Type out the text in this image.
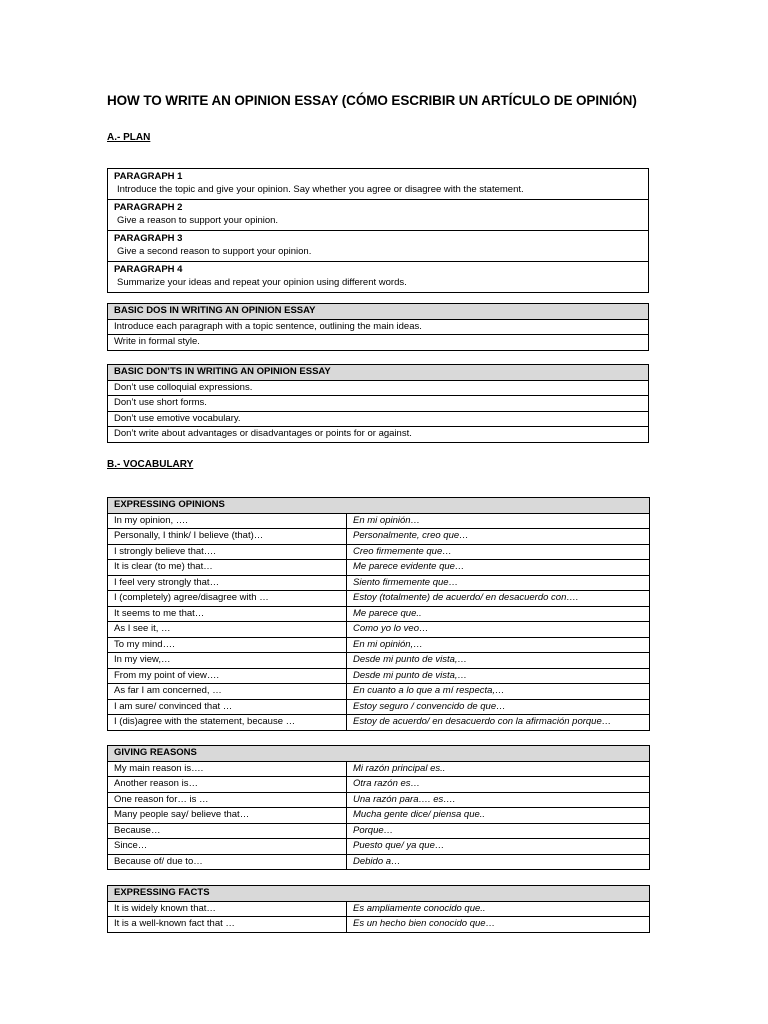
HOW TO WRITE AN OPINION ESSAY (CÓMO ESCRIBIR UN ARTÍCULO DE OPINIÓN)
A.- PLAN
PARAGRAPH 1
Introduce the topic and give your opinion. Say whether you agree or disagree with the statement.

PARAGRAPH 2
Give a reason to support your opinion.

PARAGRAPH 3
Give a second reason to support your opinion.

PARAGRAPH 4
Summarize your ideas and repeat your opinion using different words.
BASIC DOS IN WRITING AN OPINION ESSAY
Introduce each paragraph with a topic sentence, outlining the main ideas.
Write in formal style.
BASIC DON’TS IN WRITING AN OPINION ESSAY
Don’t use colloquial expressions.
Don’t use short forms.
Don’t use emotive vocabulary.
Don’t write about advantages or disadvantages or points for or against.
B.- VOCABULARY
EXPRESSING OPINIONS	
In my opinion, ….	En mi opinión…
Personally, I think/ I believe (that)…	Personalmente, creo que…
I strongly believe that….	Creo firmemente que…
It is clear (to me) that…	Me parece evidente que…
I feel very strongly that…	Siento firmemente que…
I (completely) agree/disagree with …	Estoy (totalmente) de acuerdo/ en desacuerdo con….
It seems to me that…	Me parece que..
As I see it, …	Como yo lo veo…
To my mind….	En mi opinión,…
In my view,…	Desde mi punto de vista,…
From my point of view….	Desde mi punto de vista,…
As far I am concerned, …	En cuanto a lo que a mí respecta,…
I am sure/ convinced that …	Estoy seguro / convencido de que…
I (dis)agree with the statement, because …	Estoy de acuerdo/ en desacuerdo con la afirmación porque…
GIVING REASONS	
My main reason is….	Mi razón principal es..
Another reason is…	Otra razón es…
One reason for… is …	Una razón para…. es….
Many people say/ believe that…	Mucha gente dice/ piensa que..
Because…	Porque…
Since…	Puesto que/ ya que…
Because of/ due to…	Debido a…
EXPRESSING FACTS	
It is widely known that…	Es ampliamente conocido que..
It is a well-known fact that …	Es un hecho bien conocido que…
